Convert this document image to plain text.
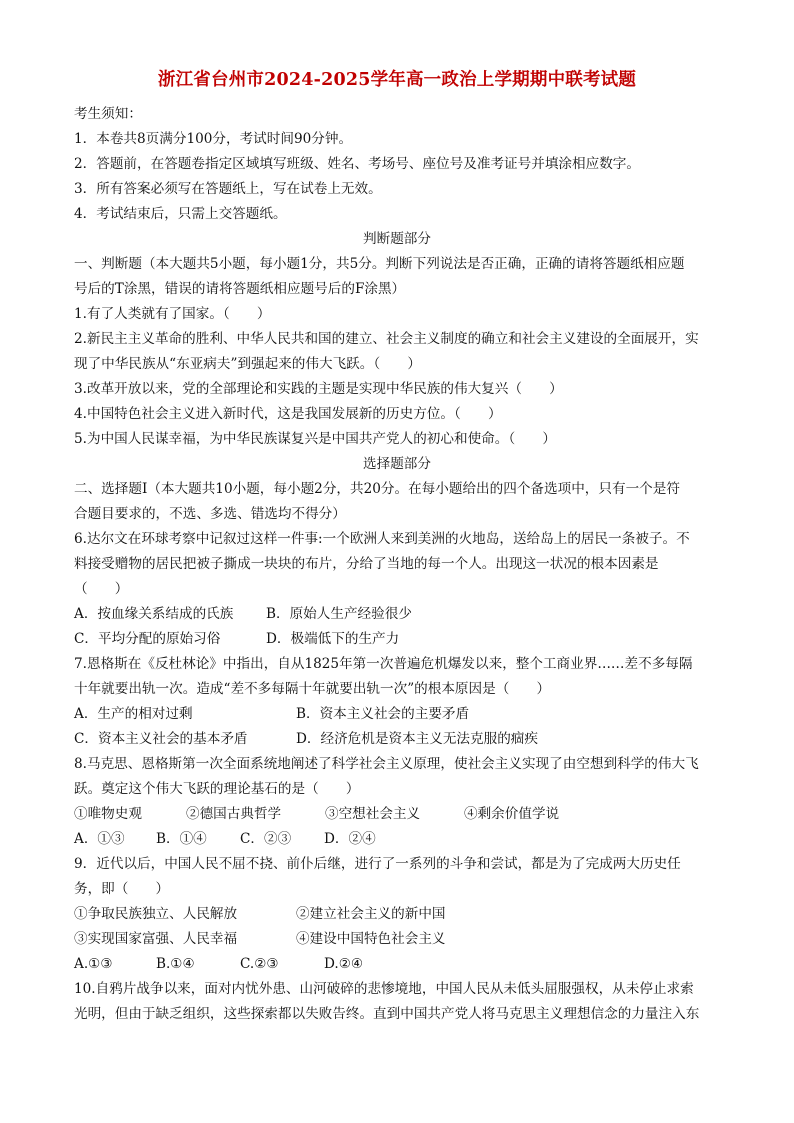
浙江省台州市2024-2025学年高一政治上学期期中联考试题
考生须知：
1．本卷共8页满分100分，考试时间90分钟。
2．答题前，在答题卷指定区域填写班级、姓名、考场号、座位号及准考证号并填涂相应数字。
3．所有答案必须写在答题纸上，写在试卷上无效。
4．考试结束后，只需上交答题纸。
判断题部分
一、判断题（本大题共5小题，每小题1分，共5分。判断下列说法是否正确，正确的请将答题纸相应题
号后的T涂黑，错误的请将答题纸相应题号后的F涂黑）
1.有了人类就有了国家。（　　）
2.新民主主义革命的胜利、中华人民共和国的建立、社会主义制度的确立和社会主义建设的全面展开，实
现了中华民族从“东亚病夫”到强起来的伟大飞跃。（　　）
3.改革开放以来，党的全部理论和实践的主题是实现中华民族的伟大复兴（　　）
4.中国特色社会主义进入新时代，这是我国发展新的历史方位。（　　）
5.为中国人民谋幸福，为中华民族谋复兴是中国共产党人的初心和使命。（　　）
选择题部分
二、选择题Ⅰ（本大题共10小题，每小题2分，共20分。在每小题给出的四个备选项中，只有一个是符
合题目要求的，不选、多选、错选均不得分）
6.达尔文在环球考察中记叙过这样一件事:一个欧洲人来到美洲的火地岛，送给岛上的居民一条被子。不
料接受赠物的居民把被子撕成一块块的布片，分给了当地的每一个人。出现这一状况的根本因素是
（　　）
A．按血缘关系结成的氏族 B．原始人生产经验很少
C．平均分配的原始习俗	D．极端低下的生产力
7.恩格斯在《反杜林论》中指出，自从1825年第一次普遍危机爆发以来，整个工商业界……差不多每隔
十年就要出轨一次。造成“差不多每隔十年就要出轨一次”的根本原因是（　　）
A．生产的相对过剩	B．资本主义社会的主要矛盾
C．资本主义社会的基本矛盾	D．经济危机是资本主义无法克服的痼疾
8.马克思、恩格斯第一次全面系统地阐述了科学社会主义原理，使社会主义实现了由空想到科学的伟大飞
跃。奠定这个伟大飞跃的理论基石的是（　　）
①唯物史观	②德国古典哲学	③空想社会主义	④剩余价值学说
A．①③ B．①④ C．②③ D．②④
9．近代以后，中国人民不屈不挠、前仆后继，进行了一系列的斗争和尝试，都是为了完成两大历史任
务，即（　　）
①争取民族独立、人民解放	②建立社会主义的新中国
③实现国家富强、人民幸福	④建设中国特色社会主义
A.①③	B.①④	C.②③	D.②④
10.自鸦片战争以来，面对内忧外患、山河破碎的悲惨境地，中国人民从未低头屈服强权，从未停止求索
光明，但由于缺乏组织，这些探索都以失败告终。直到中国共产党人将马克思主义理想信念的力量注入东
